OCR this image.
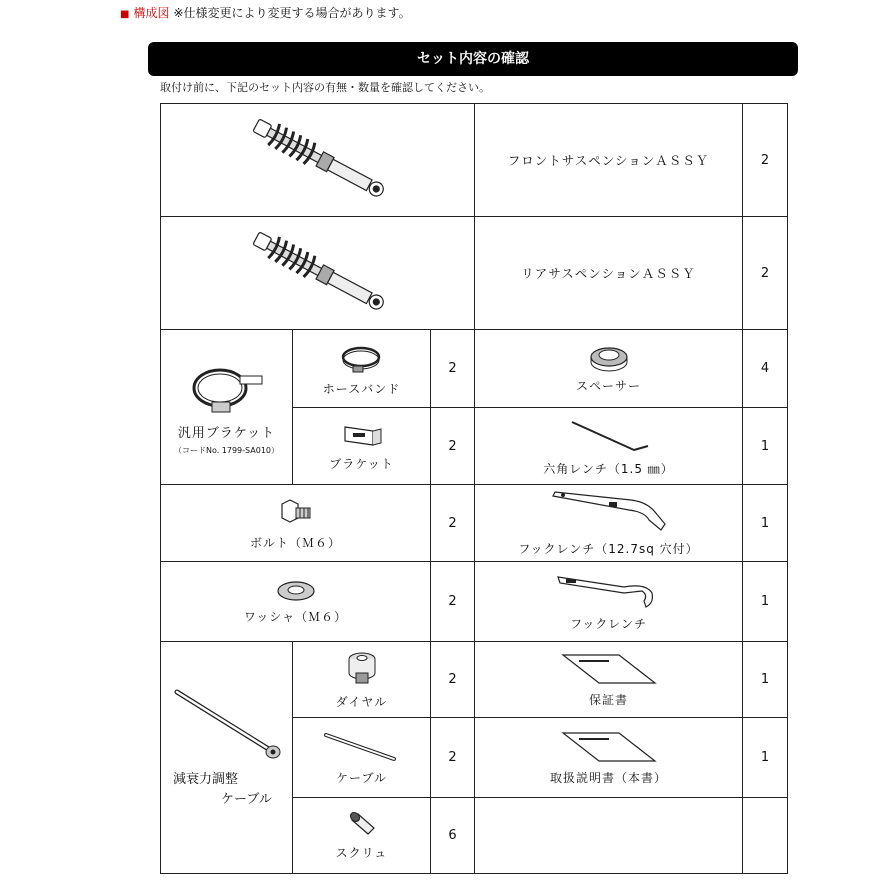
■ 構成図 ※仕様変更により変更する場合があります。
セット内容の確認
取付け前に、下記のセット内容の有無・数量を確認してください。
	フロントサスペンションＡＳＳＹ	2
	リアサスペンションＡＳＳＹ	2

汎用ブラケット
（コードNo. 1799-SA010）	ホースバンド	2	スペーサー	4

	ブラケット	2	六角レンチ（1.5 ㎜）	1

ボルト（Ｍ６）		2	フックレンチ（12.7sq 穴付）	1

ワッシャ（Ｍ６）		2	フックレンチ	1

減衰力調整
ケーブル	ダイヤル	2	保証書	1

	ケーブル	2	取扱説明書（本書）	1

	スクリュ	6		
